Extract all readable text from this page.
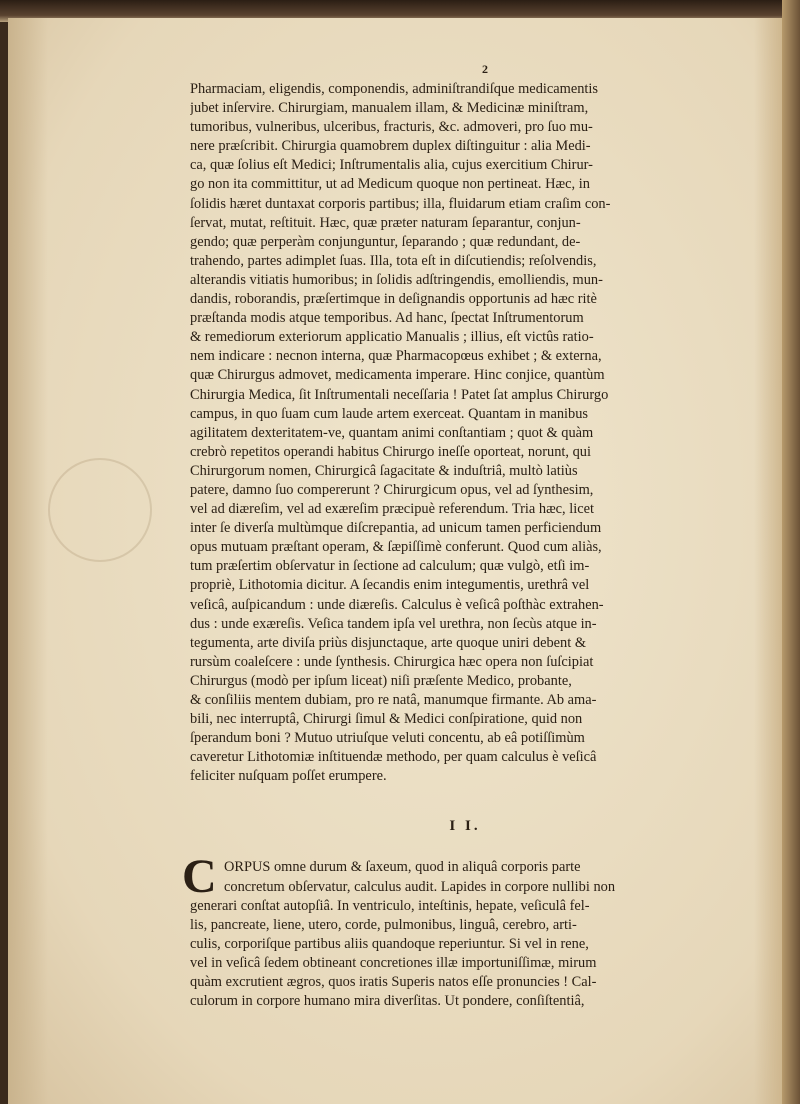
2
Pharmaciam, eligendis, componendis, adminiſtrandiſque medicamentis
jubet inſervire. Chirurgiam, manualem illam, & Medicinæ miniſtram,
tumoribus, vulneribus, ulceribus, fracturis, &c. admoveri, pro ſuo mu-
nere præſcribit. Chirurgia quamobrem duplex diſtinguitur : alia Medi-
ca, quæ ſolius eſt Medici; Inſtrumentalis alia, cujus exercitium Chirur-
go non ita committitur, ut ad Medicum quoque non pertineat. Hæc, in
ſolidis hæret duntaxat corporis partibus; illa, fluidarum etiam craſim con-
ſervat, mutat, reſtituit. Hæc, quæ præter naturam ſeparantur, conjun-
gendo; quæ perperàm conjunguntur, ſeparando ; quæ redundant, de-
trahendo, partes adimplet ſuas. Illa, tota eſt in diſcutiendis; reſolvendis,
alterandis vitiatis humoribus; in ſolidis adſtringendis, emolliendis, mun-
dandis, roborandis, præſertimque in deſignandis opportunis ad hæc ritè
præſtanda modis atque temporibus. Ad hanc, ſpectat Inſtrumentorum
& remediorum exteriorum applicatio Manualis ; illius, eſt victûs ratio-
nem indicare : necnon interna, quæ Pharmacopœus exhibet ; & externa,
quæ Chirurgus admovet, medicamenta imperare. Hinc conjice, quantùm
Chirurgia Medica, ſit Inſtrumentali neceſſaria ! Patet ſat amplus Chirurgo
campus, in quo ſuam cum laude artem exerceat. Quantam in manibus
agilitatem dexteritatem-ve, quantam animi conſtantiam ; quot & quàm
crebrò repetitos operandi habitus Chirurgo ineſſe oporteat, norunt, qui
Chirurgorum nomen, Chirurgicâ ſagacitate & induſtriâ, multò latiùs
patere, damno ſuo compererunt ? Chirurgicum opus, vel ad ſynthesim,
vel ad diæreſim, vel ad exæreſim præcipuè referendum. Tria hæc, licet
inter ſe diverſa multùmque diſcrepantia, ad unicum tamen perficiendum
opus mutuam præſtant operam, & ſæpiſſimè conferunt. Quod cum aliàs,
tum præſertim obſervatur in ſectione ad calculum; quæ vulgò, etſi im-
propriè, Lithotomia dicitur. A ſecandis enim integumentis, urethrâ vel
veſicâ, auſpicandum : unde diæreſis. Calculus è veſicâ poſthàc extrahen-
dus : unde exæreſis. Veſica tandem ipſa vel urethra, non ſecùs atque in-
tegumenta, arte diviſa priùs disjunctaque, arte quoque uniri debent &
rursùm coaleſcere : unde ſynthesis. Chirurgica hæc opera non ſuſcipiat
Chirurgus (modò per ipſum liceat) niſi præſente Medico, probante,
& conſiliis mentem dubiam, pro re natâ, manumque firmante. Ab ama-
bili, nec interruptâ, Chirurgi ſimul & Medici conſpiratione, quid non
ſperandum boni ? Mutuo utriuſque veluti concentu, ab eâ potiſſimùm
caveretur Lithotomiæ inſtituendæ methodo, per quam calculus è veſicâ
feliciter nuſquam poſſet erumpere.
I I.
C ORPUS omne durum & ſaxeum, quod in aliquâ corporis parte
concretum obſervatur, calculus audit. Lapides in corpore nullibi non
generari conſtat autopſiâ. In ventriculo, inteſtinis, hepate, veſiculâ fel-
lis, pancreate, liene, utero, corde, pulmonibus, linguâ, cerebro, arti-
culis, corporiſque partibus aliis quandoque reperiuntur. Si vel in rene,
vel in veſicâ ſedem obtineant concretiones illæ importuniſſimæ, mirum
quàm excrutient ægros, quos iratis Superis natos eſſe pronuncies ! Cal-
culorum in corpore humano mira diverſitas. Ut pondere, conſiſtentiâ,
